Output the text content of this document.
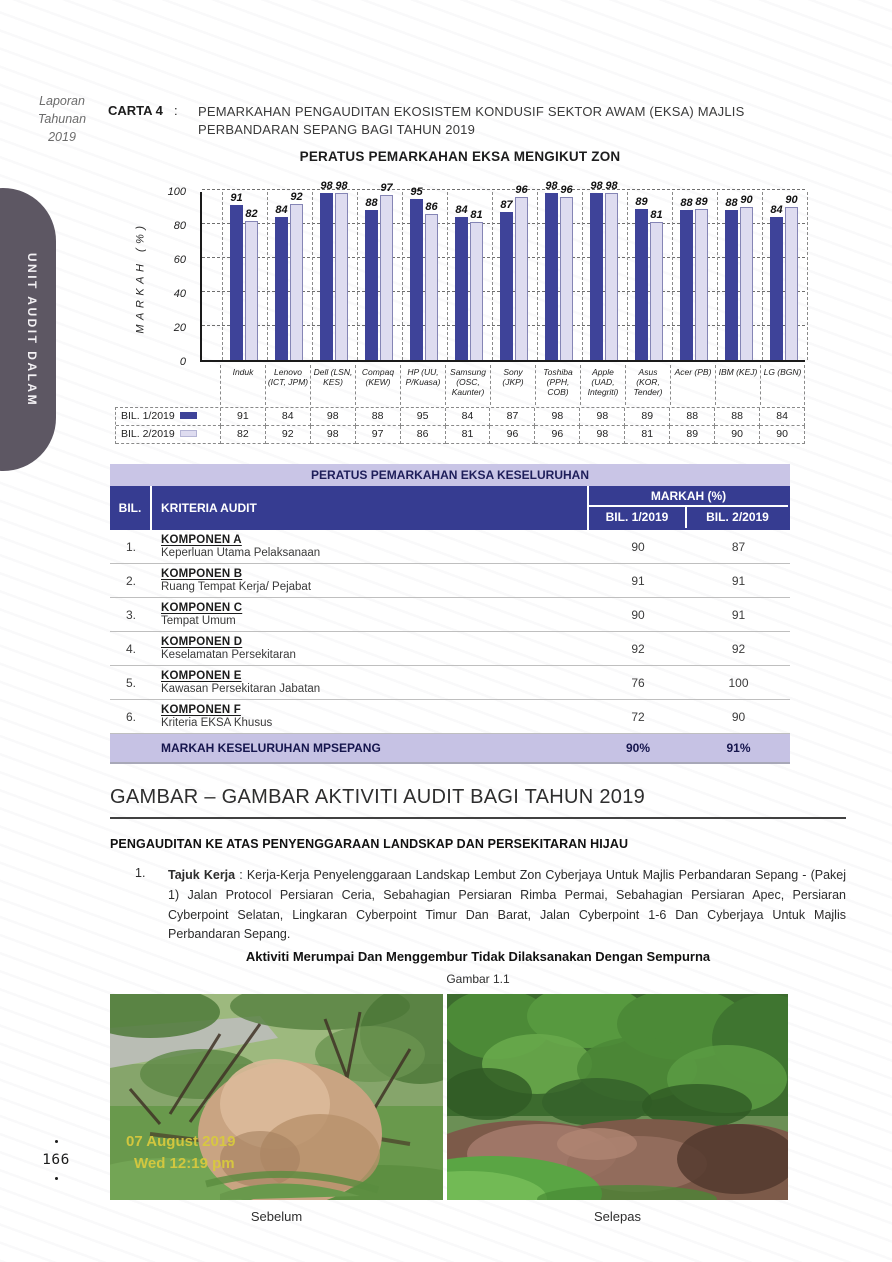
UNIT AUDIT DALAM
Laporan
Tahunan
2019
CARTA 4 :	PEMARKAHAN PENGAUDITAN EKOSISTEM KONDUSIF SEKTOR AWAM (EKSA) MAJLIS PERBANDARAN SEPANG BAGI TAHUN 2019
PERATUS PEMARKAHAN EKSA MENGIKUT ZON
MARKAH (%)
0
20
40
60
80
100
91
82	84
92
98 98
88
97	95
86	84 81
87
96	98 96	98 98
89
81
88 89	88 90
84
90
Induk	Lenovo (ICT, JPM)
Dell (LSN, KES)
Compaq (KEW)
HP (UU, P/Kuasa)
Samsung (OSC, Kaunter)
Sony (JKP)
Toshiba (PPH, COB)
Apple (UAD, Integriti)
Asus (KOR, Tender)
Acer (PB) IBM (KEJ) LG (BGN)
BIL. 1/2019	91	84	98	88	95	84	87	98	98	89	88	88	84
BIL. 2/2019	82	92	98	97	86	81	96	96	98	81	89	90	90
PERATUS PEMARKAHAN EKSA KESELURUHAN
BIL.	KRITERIA AUDIT
MARKAH (%)
BIL. 1/2019	BIL. 2/2019
1.	KOMPONEN A
Keperluan Utama Pelaksanaan	90	87
2.	KOMPONEN B
Ruang Tempat Kerja/ Pejabat	91	91
3.	KOMPONEN C
Tempat Umum	90	91
4.	KOMPONEN D
Keselamatan Persekitaran	92	92
5.	KOMPONEN E
Kawasan Persekitaran Jabatan	76	100
6.	KOMPONEN F
Kriteria EKSA Khusus	72	90
MARKAH KESELURUHAN MPSEPANG	90%	91%
GAMBAR – GAMBAR AKTIVITI AUDIT BAGI TAHUN 2019
PENGAUDITAN KE ATAS PENYENGGARAAN LANDSKAP DAN PERSEKITARAN HIJAU
1.	Tajuk Kerja : Kerja-Kerja Penyelenggaraan Landskap Lembut Zon Cyberjaya Untuk Majlis Perbandaran Sepang - (Pakej 1) Jalan Protocol Persiaran Ceria, Sebahagian Persiaran Rimba Permai, Sebahagian Persiaran Apec, Persiaran Cyberpoint Selatan, Lingkaran Cyberpoint Timur Dan Barat, Jalan Cyberpoint 1-6 Dan Cyberjaya Untuk Majlis Perbandaran Sepang.
Aktiviti Merumpai Dan Menggembur Tidak Dilaksanakan Dengan Sempurna
Gambar 1.1
07 August 2019
Wed 12:19 pm
Sebelum	Selepas
166
